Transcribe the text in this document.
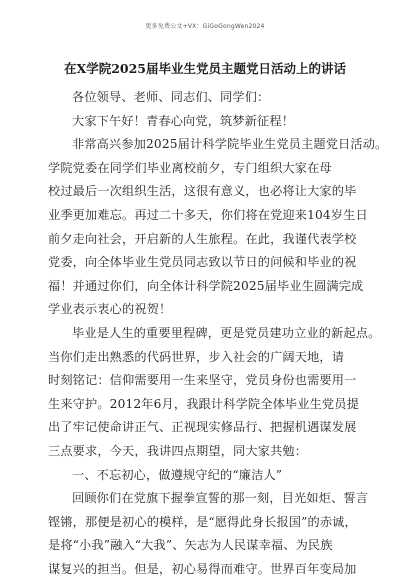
更多免费公文+VX：GiGoGongWen2024
在X学院2025届毕业生党员主题党日活动上的讲话
各位领导、老师、同志们、同学们：
大家下午好！青春心向党，筑梦新征程！
非常高兴参加2025届计科学院毕业生党员主题党日活动。
学院党委在同学们毕业离校前夕，专门组织大家在母
校过最后一次组织生活，这很有意义，也必将让大家的毕
业季更加难忘。再过二十多天，你们将在党迎来104岁生日
前夕走向社会，开启新的人生旅程。在此，我谨代表学校
党委，向全体毕业生党员同志致以节日的问候和毕业的祝
福！并通过你们，向全体计科学院2025届毕业生圆满完成
学业表示衷心的祝贺！
毕业是人生的重要里程碑，更是党员建功立业的新起点。
当你们走出熟悉的代码世界，步入社会的广阔天地，请
时刻铭记：信仰需要用一生来坚守，党员身份也需要用一
生来守护。2012年6月，我跟计科学院全体毕业生党员提
出了牢记使命讲正气、正视现实修品行、把握机遇谋发展
三点要求，今天，我讲四点期望，同大家共勉：
一、不忘初心，做遵规守纪的“廉洁人”
回顾你们在党旗下握拳宣誓的那一刻，目光如炬、誓言
铿锵，那便是初心的模样，是“愿得此身长报国”的赤诚，
是将“小我”融入“大我”、矢志为人民谋幸福、为民族
谋复兴的担当。但是，初心易得而难守。世界百年变局加
